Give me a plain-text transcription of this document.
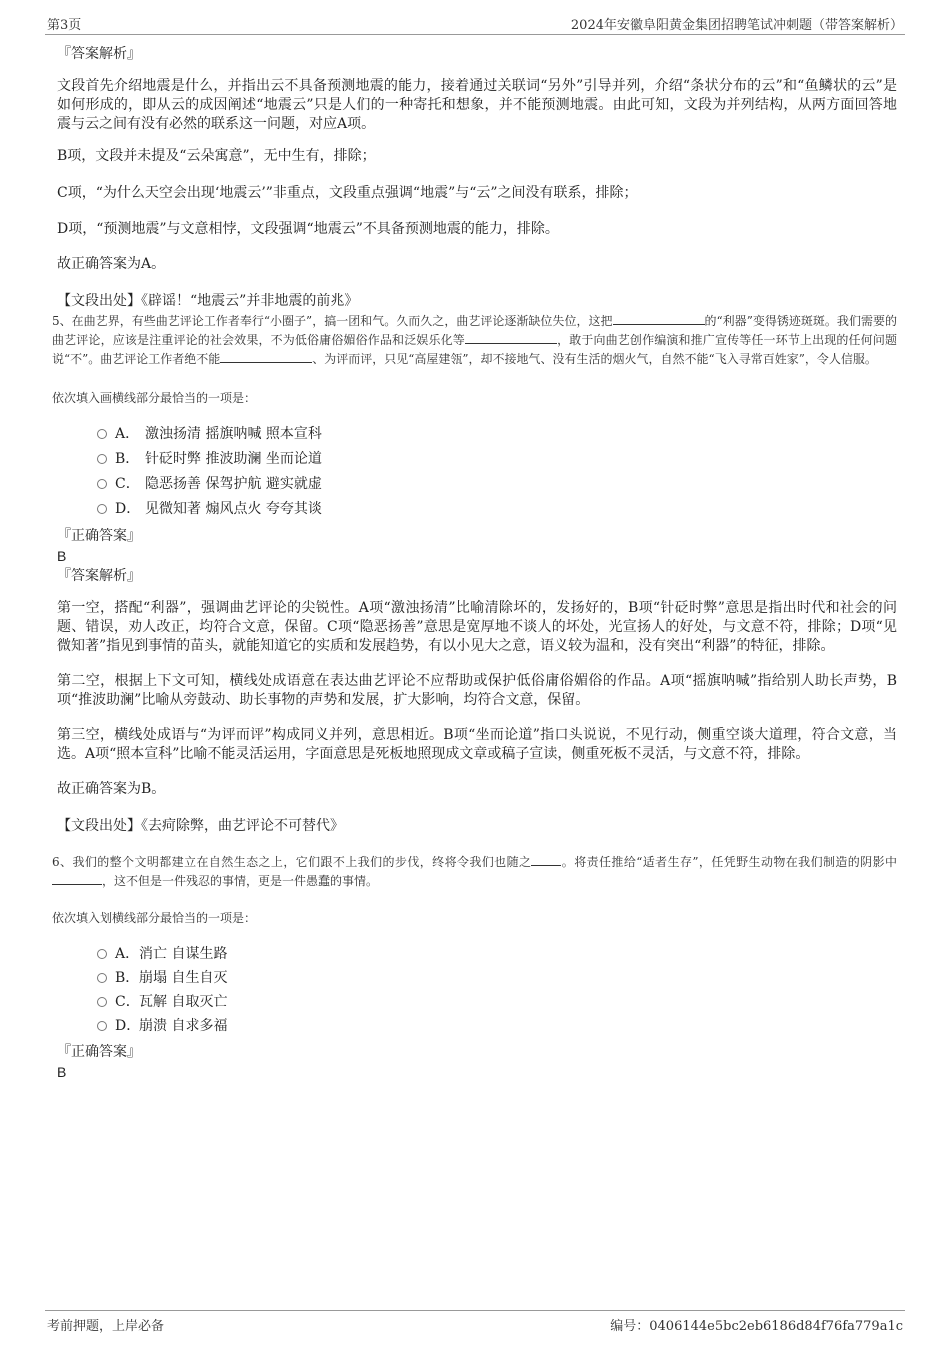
第3页	2024年安徽阜阳黄金集团招聘笔试冲刺题（带答案解析）
『答案解析』

文段首先介绍地震是什么，并指出云不具备预测地震的能力，接着通过关联词“另外”引导并列，介绍“条状分布的云”和“鱼鳞状的云”是如何形成的，即从云的成因阐述“地震云”只是人们的一种寄托和想象，并不能预测地震。由此可知，文段为并列结构，从两方面回答地震与云之间有没有必然的联系这一问题，对应A项。

B项，文段并未提及“云朵寓意”，无中生有，排除；

C项，“为什么天空会出现‘地震云’”非重点，文段重点强调“地震”与“云”之间没有联系，排除；

D项，“预测地震”与文意相悖，文段强调“地震云”不具备预测地震的能力，排除。

故正确答案为A。

【文段出处】《辟谣！“地震云”并非地震的前兆》

5、在曲艺界，有些曲艺评论工作者奉行“小圈子”，搞一团和气。久而久之，曲艺评论逐渐缺位失位，这把	的“利器”变得锈迹斑斑。我们需要的曲艺评论，应该是注重评论的社会效果，不为低俗庸俗媚俗作品和泛娱乐化等	，敢于向曲艺创作编演和推广宣传等任一环节上出现的任何问题说“不”。曲艺评论工作者绝不能	、为评而评，只见“高屋建瓴”，却不接地气、没有生活的烟火气，自然不能“飞入寻常百姓家”，令人信服。

依次填入画横线部分最恰当的一项是：

A． 激浊扬清 摇旗呐喊 照本宣科
B． 针砭时弊 推波助澜 坐而论道
C． 隐恶扬善 保驾护航 避实就虚
D． 见微知著 煽风点火 夸夸其谈
『正确答案』
B
『答案解析』

第一空，搭配“利器”，强调曲艺评论的尖锐性。A项“激浊扬清”比喻清除坏的，发扬好的，B项“针砭时弊”意思是指出时代和社会的问题、错误，劝人改正，均符合文意，保留。C项“隐恶扬善”意思是宽厚地不谈人的坏处，光宣扬人的好处，与文意不符，排除；D项“见微知著”指见到事情的苗头，就能知道它的实质和发展趋势，有以小见大之意，语义较为温和，没有突出“利器”的特征，排除。

第二空，根据上下文可知，横线处成语意在表达曲艺评论不应帮助或保护低俗庸俗媚俗的作品。A项“摇旗呐喊”指给别人助长声势，B项“推波助澜”比喻从旁鼓动、助长事物的声势和发展，扩大影响，均符合文意，保留。

第三空，横线处成语与“为评而评”构成同义并列，意思相近。B项“坐而论道”指口头说说，不见行动，侧重空谈大道理，符合文意，当选。A项“照本宣科”比喻不能灵活运用，字面意思是死板地照现成文章或稿子宣读，侧重死板不灵活，与文意不符，排除。

故正确答案为B。

【文段出处】《去疴除弊，曲艺评论不可替代》

6、我们的整个文明都建立在自然生态之上，它们跟不上我们的步伐，终将令我们也随之	。将责任推给“适者生存”，任凭野生动物在我们制造的阴影中，这不但是一件残忍的事情，更是一件愚蠢的事情。

依次填入划横线部分最恰当的一项是：

A．消亡 自谋生路
B．崩塌 自生自灭
C．瓦解 自取灭亡
D．崩溃 自求多福
『正确答案』
B
考前押题，上岸必备	编号：0406144e5bc2eb6186d84f76fa779a1c
